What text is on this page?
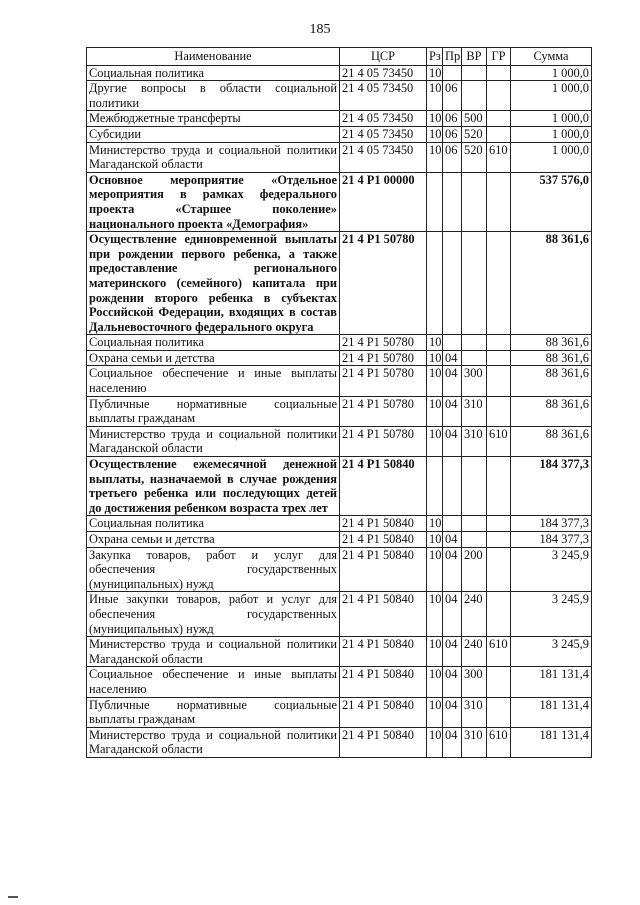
185
Наименование	ЦСР	Рз	Пр	ВР	ГР	Сумма
Социальная политика	21 4 05 73450	10				1 000,0
Другие вопросы в области социальной политики	21 4 05 73450	10	06			1 000,0
Межбюджетные трансферты	21 4 05 73450	10	06	500		1 000,0
Субсидии	21 4 05 73450	10	06	520		1 000,0
Министерство труда и социальной политики Магаданской области	21 4 05 73450	10	06	520	610	1 000,0
Основное мероприятие «Отдельное мероприятия в рамках федерального проекта «Старшее поколение» национального проекта «Демография»	21 4 P1 00000					537 576,0
Осуществление единовременной выплаты при рождении первого ребенка, а также предоставление регионального материнского (семейного) капитала при рождении второго ребенка в субъектах Российской Федерации, входящих в состав Дальневосточного федерального округа	21 4 P1 50780					88 361,6
Социальная политика	21 4 P1 50780	10				88 361,6
Охрана семьи и детства	21 4 P1 50780	10	04			88 361,6
Социальное обеспечение и иные выплаты населению	21 4 P1 50780	10	04	300		88 361,6
Публичные нормативные социальные выплаты гражданам	21 4 P1 50780	10	04	310		88 361,6
Министерство труда и социальной политики Магаданской области	21 4 P1 50780	10	04	310	610	88 361,6
Осуществление ежемесячной денежной выплаты, назначаемой в случае рождения третьего ребенка или последующих детей до достижения ребенком возраста трех лет	21 4 P1 50840					184 377,3
Социальная политика	21 4 P1 50840	10				184 377,3
Охрана семьи и детства	21 4 P1 50840	10	04			184 377,3
Закупка товаров, работ и услуг для обеспечения государственных (муниципальных) нужд	21 4 P1 50840	10	04	200		3 245,9
Иные закупки товаров, работ и услуг для обеспечения государственных (муниципальных) нужд	21 4 P1 50840	10	04	240		3 245,9
Министерство труда и социальной политики Магаданской области	21 4 P1 50840	10	04	240	610	3 245,9
Социальное обеспечение и иные выплаты населению	21 4 P1 50840	10	04	300		181 131,4
Публичные нормативные социальные выплаты гражданам	21 4 P1 50840	10	04	310		181 131,4
Министерство труда и социальной политики Магаданской области	21 4 P1 50840	10	04	310	610	181 131,4
